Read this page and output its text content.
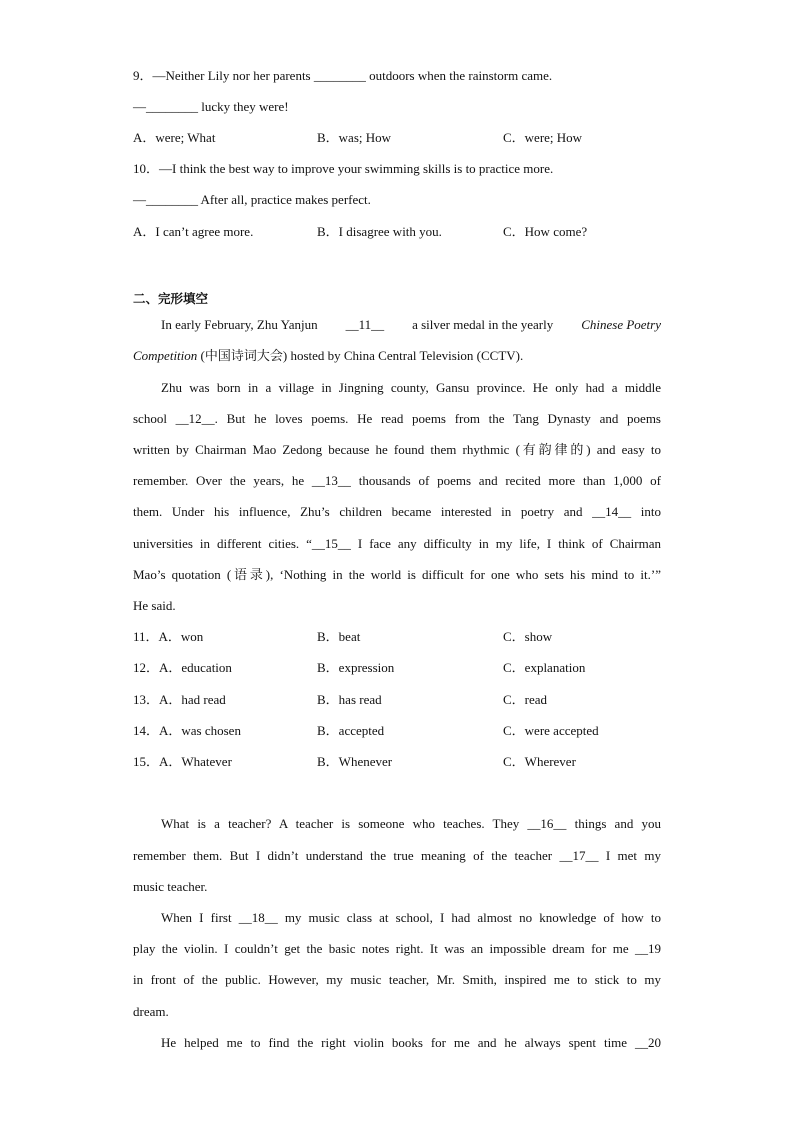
9．—Neither Lily nor her parents ________ outdoors when the rainstorm came.
—________ lucky they were!
A．were; What	B．was; How	C．were; How
10．—I think the best way to improve your swimming skills is to practice more.
—________ After all, practice makes perfect.
A．I can’t agree more.	B．I disagree with you.	C．How come?
二、完形填空
In early February, Zhu Yanjun __11__ a silver medal in the yearly Chinese Poetry
Competition (中国诗词大会) hosted by China Central Television (CCTV).
Zhu was born in a village in Jingning county, Gansu province. He only had a middle
school __12__. But he loves poems. He read poems from the Tang Dynasty and poems
written by Chairman Mao Zedong because he found them rhythmic (有韵律的) and easy to
remember. Over the years, he __13__ thousands of poems and recited more than 1,000 of
them. Under his influence, Zhu’s children became interested in poetry and __14__ into
universities in different cities. “__15__ I face any difficulty in my life, I think of Chairman
Mao’s quotation (语录), ‘Nothing in the world is difficult for one who sets his mind to it.’”
He said.
11．A．won	B．beat	C．show
12．A．education	B．expression	C．explanation
13．A．had read	B．has read	C．read
14．A．was chosen	B．accepted	C．were accepted
15．A．Whatever	B．Whenever	C．Wherever
What is a teacher? A teacher is someone who teaches. They __16__ things and you
remember them. But I didn’t understand the true meaning of the teacher __17__ I met my
music teacher.
When I first __18__ my music class at school, I had almost no knowledge of how to
play the violin. I couldn’t get the basic notes right. It was an impossible dream for me __19
in front of the public. However, my music teacher, Mr. Smith, inspired me to stick to my
dream.
He helped me to find the right violin books for me and he always spent time __20
